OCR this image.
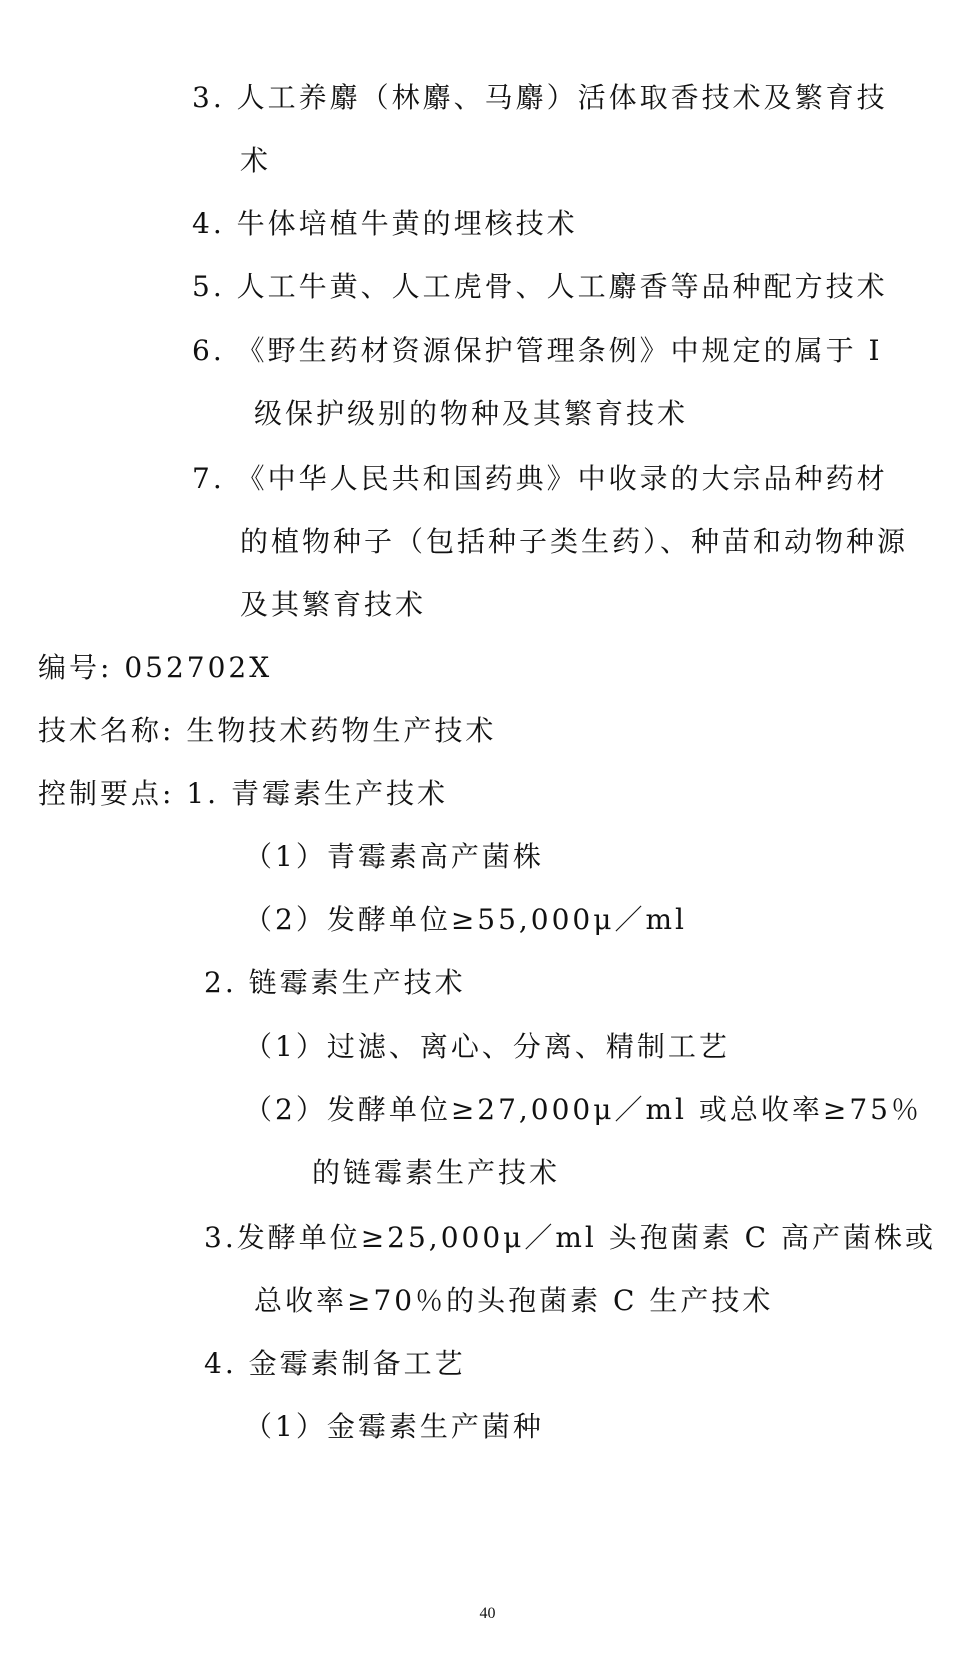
3. 人工养麝（林麝、马麝）活体取香技术及繁育技
术
4. 牛体培植牛黄的埋核技术
5. 人工牛黄、人工虎骨、人工麝香等品种配方技术
6. 《野生药材资源保护管理条例》中规定的属于 I
级保护级别的物种及其繁育技术
7. 《中华人民共和国药典》中收录的大宗品种药材
的植物种子（包括种子类生药）、种苗和动物种源
及其繁育技术
编号: 052702X
技术名称: 生物技术药物生产技术
控制要点: 1. 青霉素生产技术
（1）青霉素高产菌株
（2）发酵单位≥55,000μ／ml
2. 链霉素生产技术
（1）过滤、离心、分离、精制工艺
（2）发酵单位≥27,000μ／ml 或总收率≥75％
的链霉素生产技术
3.发酵单位≥25,000μ／ml 头孢菌素 C 高产菌株或
总收率≥70％的头孢菌素 C 生产技术
4. 金霉素制备工艺
（1）金霉素生产菌种
40
